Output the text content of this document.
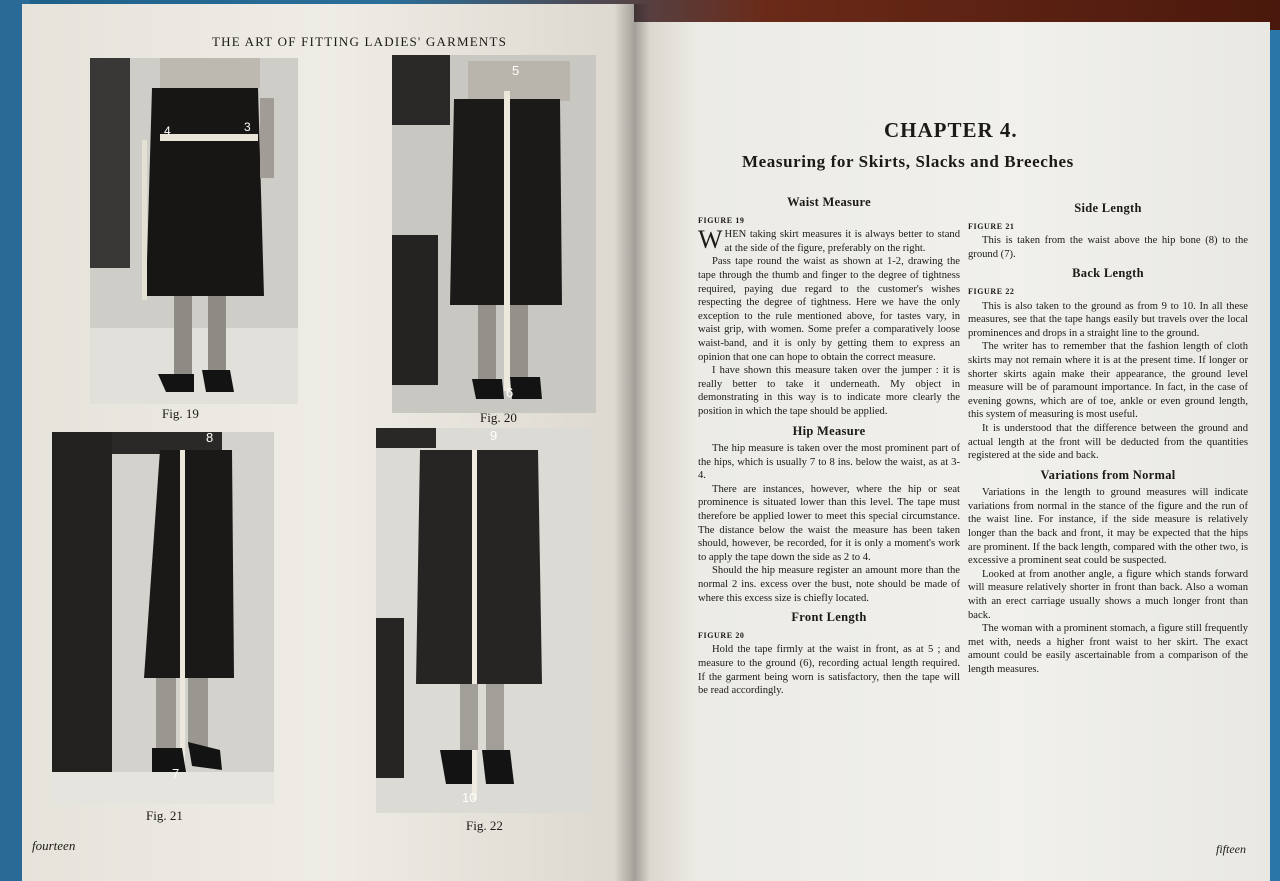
THE ART OF FITTING LADIES' GARMENTS
4	3
Fig. 19
5
6
Fig. 20
8
7
Fig. 21
9
10
Fig. 22
fourteen
CHAPTER 4.
Measuring for Skirts, Slacks and Breeches
Waist Measure

FIGURE 19

WHEN taking skirt measures it is always better to stand at the side of the figure, preferably on the right.

Pass tape round the waist as shown at 1-2, drawing the tape through the thumb and finger to the degree of tightness required, paying due regard to the customer's wishes respecting the degree of tightness. Here we have the only exception to the rule mentioned above, for tastes vary, in waist grip, with women. Some prefer a comparatively loose waist-band, and it is only by getting them to express an opinion that one can hope to obtain the correct measure.

I have shown this measure taken over the jumper : it is really better to take it underneath. My object in demonstrating in this way is to indicate more clearly the position in which the tape should be applied.

Hip Measure

The hip measure is taken over the most prominent part of the hips, which is usually 7 to 8 ins. below the waist, as at 3-4.

There are instances, however, where the hip or seat prominence is situated lower than this level. The tape must therefore be applied lower to meet this special circumstance. The distance below the waist the measure has been taken should, however, be recorded, for it is only a moment's work to apply the tape down the side as 2 to 4.

Should the hip measure register an amount more than the normal 2 ins. excess over the bust, note should be made of where this excess size is chiefly located.

Front Length

FIGURE 20

Hold the tape firmly at the waist in front, as at 5 ; and measure to the ground (6), recording actual length required. If the garment being worn is satisfactory, then the tape will be read accordingly.

Side Length

FIGURE 21

This is taken from the waist above the hip bone (8) to the ground (7).

Back Length

FIGURE 22

This is also taken to the ground as from 9 to 10. In all these measures, see that the tape hangs easily but travels over the local prominences and drops in a straight line to the ground.

The writer has to remember that the fashion length of cloth skirts may not remain where it is at the present time. If longer or shorter skirts again make their appearance, the ground level measure will be of paramount importance. In fact, in the case of evening gowns, which are of toe, ankle or even ground length, this system of measuring is most useful.

It is understood that the difference between the ground and actual length at the front will be deducted from the quantities registered at the side and back.

Variations from Normal

Variations in the length to ground measures will indicate variations from normal in the stance of the figure and the run of the waist line. For instance, if the side measure is relatively longer than the back and front, it may be expected that the hips are prominent. If the back length, compared with the other two, is excessive a prominent seat could be suspected.

Looked at from another angle, a figure which stands forward will measure relatively shorter in front than back. Also a woman with an erect carriage usually shows a much longer front than back.

The woman with a prominent stomach, a figure still frequently met with, needs a higher front waist to her skirt. The exact amount could be easily ascertainable from a comparison of the length measures.

fifteen
